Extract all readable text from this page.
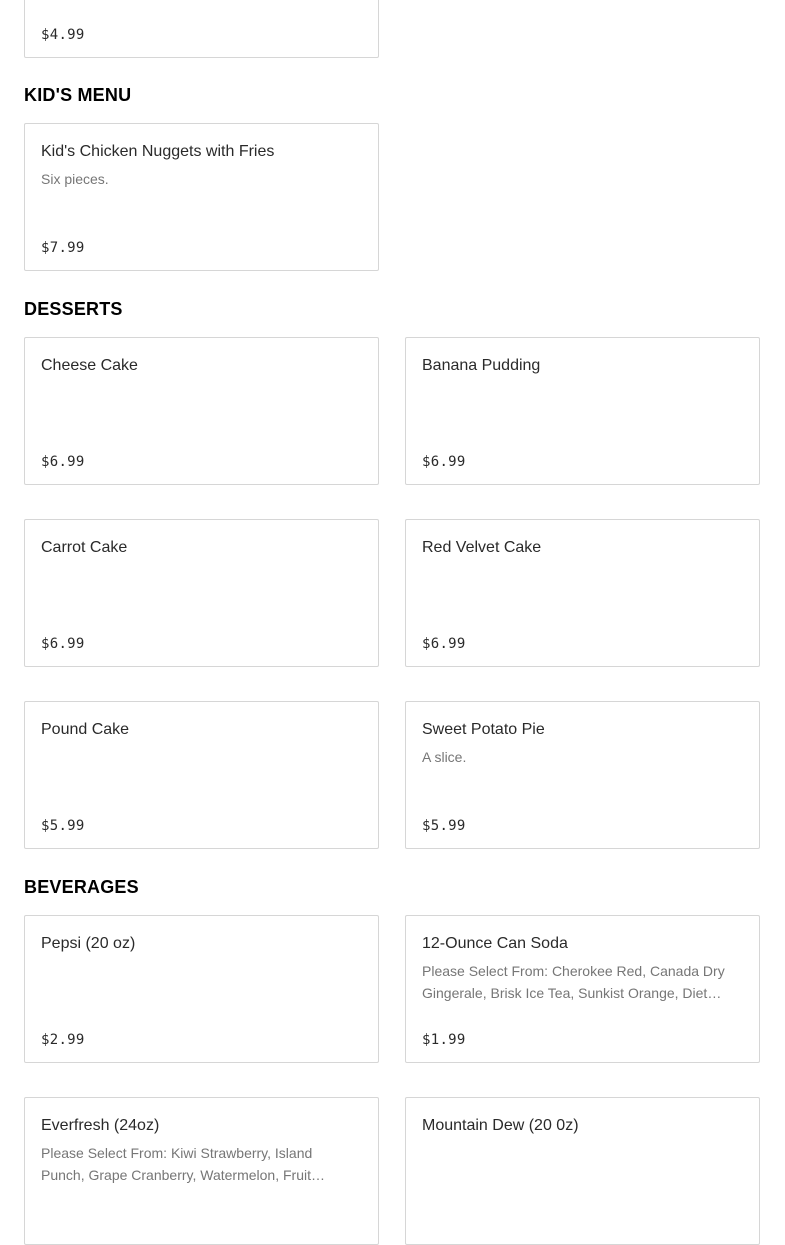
$4.99
KID'S MENU
Kid's Chicken Nuggets with Fries
Six pieces.
$7.99
DESSERTS
Cheese Cake
$6.99
Banana Pudding
$6.99
Carrot Cake
$6.99
Red Velvet Cake
$6.99
Pound Cake
$5.99
Sweet Potato Pie
A slice.
$5.99
BEVERAGES
Pepsi (20 oz)
$2.99
12-Ounce Can Soda
Please Select From: Cherokee Red, Canada Dry Gingerale, Brisk Ice Tea, Sunkist Orange, Diet…
$1.99
Everfresh (24oz)
Please Select From: Kiwi Strawberry, Island Punch, Grape Cranberry, Watermelon, Fruit…
Mountain Dew (20 0z)
